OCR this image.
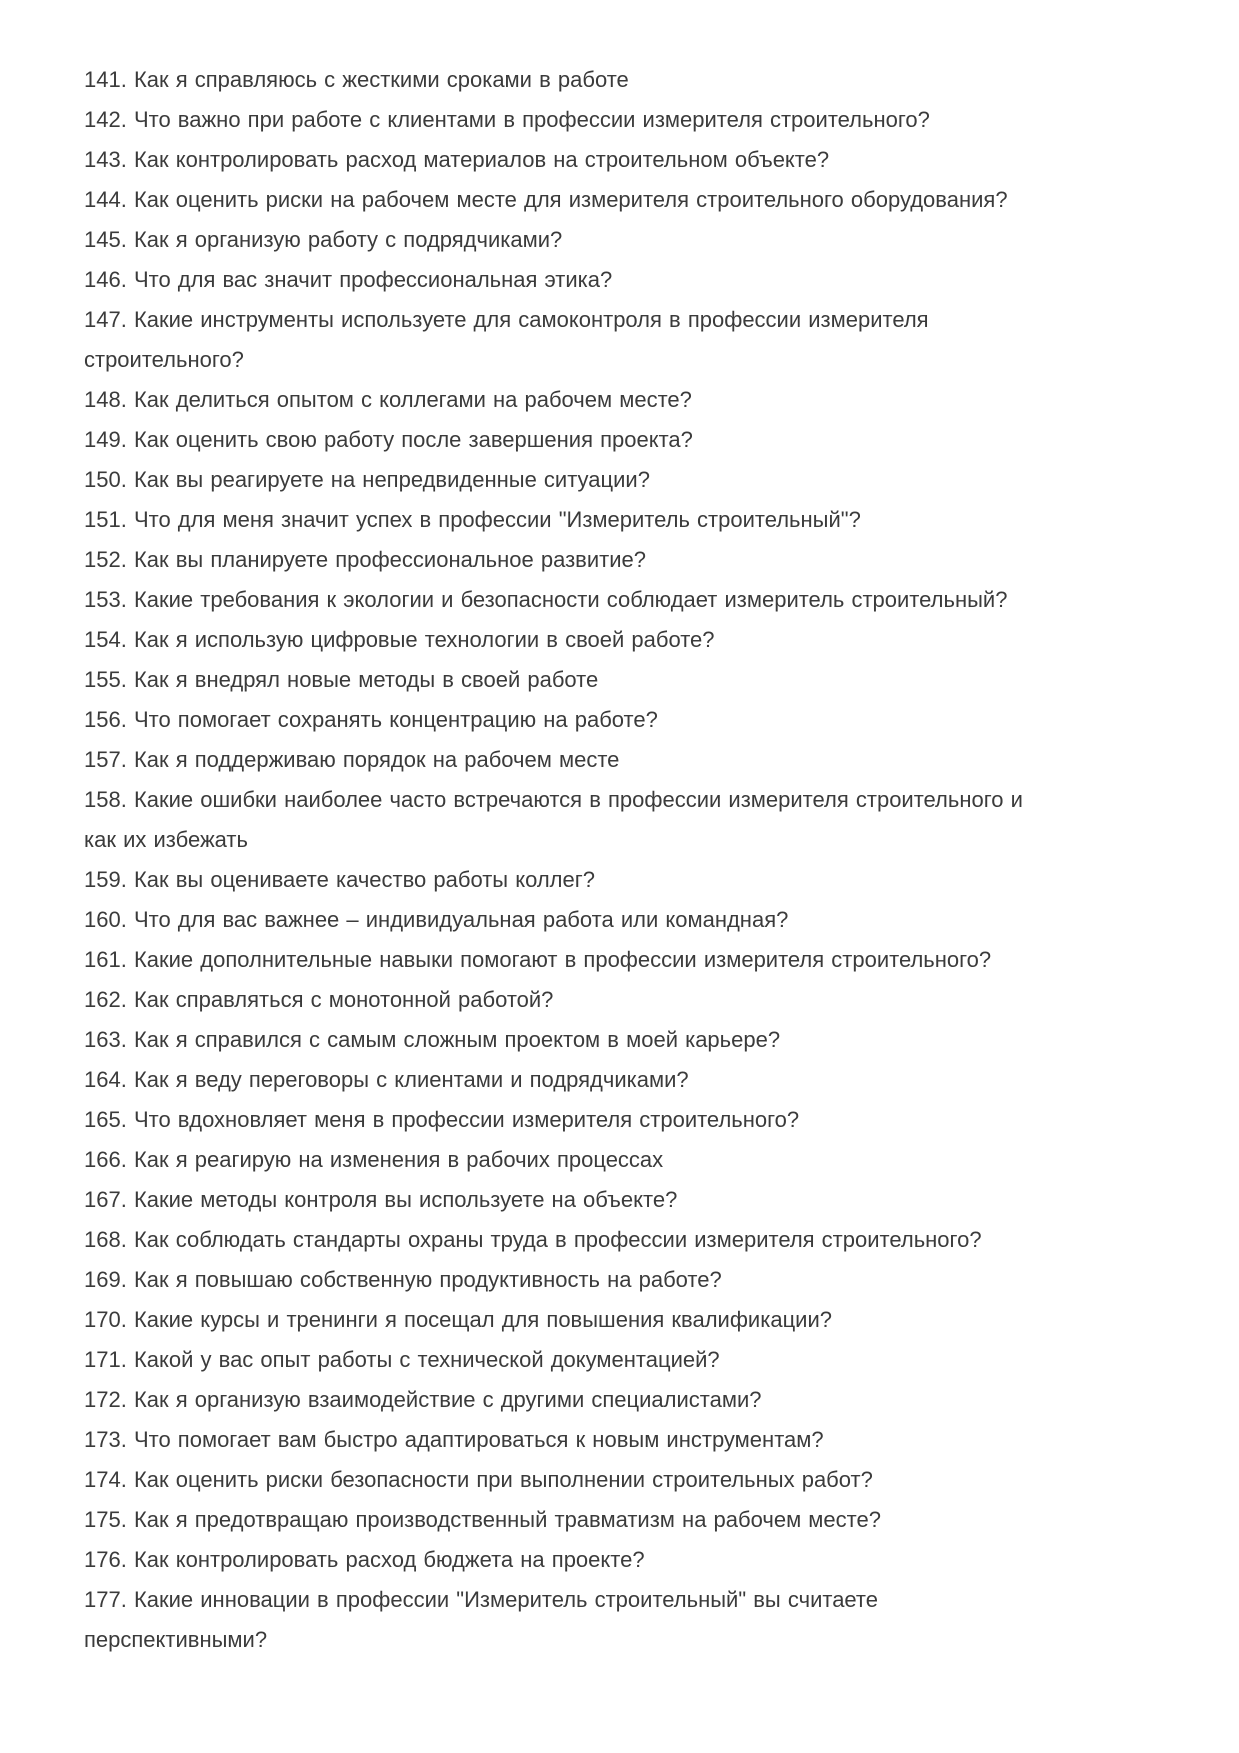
141. Как я справляюсь с жесткими сроками в работе

142. Что важно при работе с клиентами в профессии измерителя строительного?

143. Как контролировать расход материалов на строительном объекте?

144. Как оценить риски на рабочем месте для измерителя строительного оборудования?

145. Как я организую работу с подрядчиками?

146. Что для вас значит профессиональная этика?

147. Какие инструменты используете для самоконтроля в профессии измерителя
строительного?

148. Как делиться опытом с коллегами на рабочем месте?

149. Как оценить свою работу после завершения проекта?

150. Как вы реагируете на непредвиденные ситуации?

151. Что для меня значит успех в профессии "Измеритель строительный"?

152. Как вы планируете профессиональное развитие?

153. Какие требования к экологии и безопасности соблюдает измеритель строительный?

154. Как я использую цифровые технологии в своей работе?

155. Как я внедрял новые методы в своей работе

156. Что помогает сохранять концентрацию на работе?

157. Как я поддерживаю порядок на рабочем месте

158. Какие ошибки наиболее часто встречаются в профессии измерителя строительного и
как их избежать

159. Как вы оцениваете качество работы коллег?

160. Что для вас важнее – индивидуальная работа или командная?

161. Какие дополнительные навыки помогают в профессии измерителя строительного?

162. Как справляться с монотонной работой?

163. Как я справился с самым сложным проектом в моей карьере?

164. Как я веду переговоры с клиентами и подрядчиками?

165. Что вдохновляет меня в профессии измерителя строительного?

166. Как я реагирую на изменения в рабочих процессах

167. Какие методы контроля вы используете на объекте?

168. Как соблюдать стандарты охраны труда в профессии измерителя строительного?

169. Как я повышаю собственную продуктивность на работе?

170. Какие курсы и тренинги я посещал для повышения квалификации?

171. Какой у вас опыт работы с технической документацией?

172. Как я организую взаимодействие с другими специалистами?

173. Что помогает вам быстро адаптироваться к новым инструментам?

174. Как оценить риски безопасности при выполнении строительных работ?

175. Как я предотвращаю производственный травматизм на рабочем месте?

176. Как контролировать расход бюджета на проекте?

177. Какие инновации в профессии "Измеритель строительный" вы считаете
перспективными?
